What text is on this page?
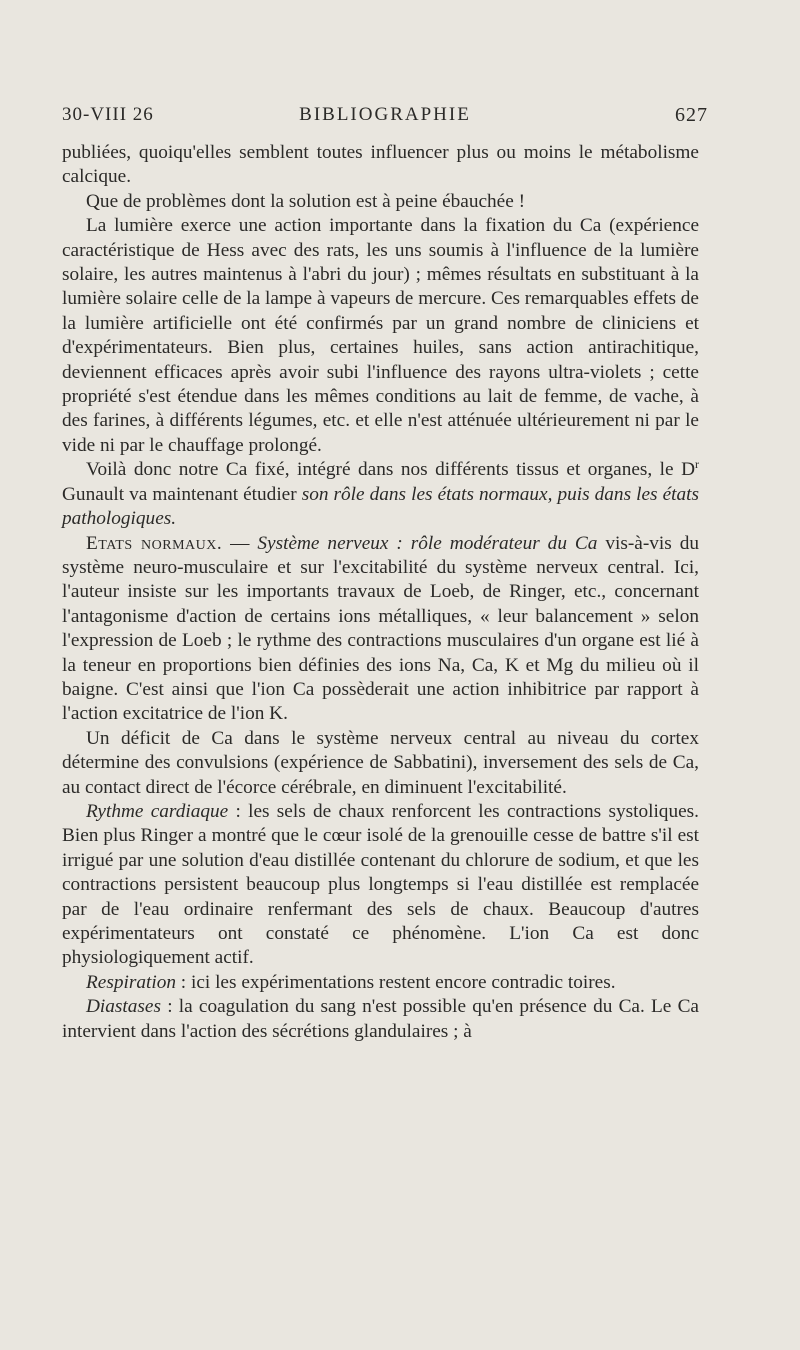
30-VIII 26	BIBLIOGRAPHIE	627

publiées, quoiqu'elles semblent toutes influencer plus ou moins le métabolisme calcique.

Que de problèmes dont la solution est à peine ébauchée !

La lumière exerce une action importante dans la fixation du Ca (expérience caractéristique de Hess avec des rats, les uns soumis à l'influence de la lumière solaire, les autres maintenus à l'abri du jour) ; mêmes résultats en substituant à la lumière solaire celle de la lampe à vapeurs de mercure. Ces remarquables effets de la lumière artificielle ont été confirmés par un grand nombre de cliniciens et d'expérimentateurs. Bien plus, certaines huiles, sans action antirachitique, deviennent efficaces après avoir subi l'influence des rayons ultra-violets ; cette propriété s'est étendue dans les mêmes conditions au lait de femme, de vache, à des farines, à différents légumes, etc. et elle n'est atténuée ultérieurement ni par le vide ni par le chauffage prolongé.

Voilà donc notre Ca fixé, intégré dans nos différents tissus et organes, le $D^r$ Gunault va maintenant étudier son rôle dans les états normaux, puis dans les états pathologiques.

Etats normaux. — Système nerveux : rôle modérateur du Ca vis-à-vis du système neuro-musculaire et sur l'excitabilité du système nerveux central. Ici, l'auteur insiste sur les importants travaux de Loeb, de Ringer, etc., concernant l'antagonisme d'action de certains ions métalliques, « leur balancement » selon l'expression de Loeb ; le rythme des contractions musculaires d'un organe est lié à la teneur en proportions bien définies des ions Na, Ca, K et Mg du milieu où il baigne. C'est ainsi que l'ion Ca possèderait une action inhibitrice par rapport à l'action excitatrice de l'ion K.

Un déficit de Ca dans le système nerveux central au niveau du cortex détermine des convulsions (expérience de Sabbatini), inversement des sels de Ca, au contact direct de l'écorce cérébrale, en diminuent l'excitabilité.

Rythme cardiaque : les sels de chaux renforcent les contractions systoliques. Bien plus Ringer a montré que le cœur isolé de la grenouille cesse de battre s'il est irrigué par une solution d'eau distillée contenant du chlorure de sodium, et que les contractions persistent beaucoup plus longtemps si l'eau distillée est remplacée par de l'eau ordinaire renfermant des sels de chaux. Beaucoup d'autres expérimentateurs ont constaté ce phénomène. L'ion Ca est donc physiologiquement actif.

Respiration : ici les expérimentations restent encore contradic toires.

Diastases : la coagulation du sang n'est possible qu'en présence du Ca. Le Ca intervient dans l'action des sécrétions glandulaires ; à
